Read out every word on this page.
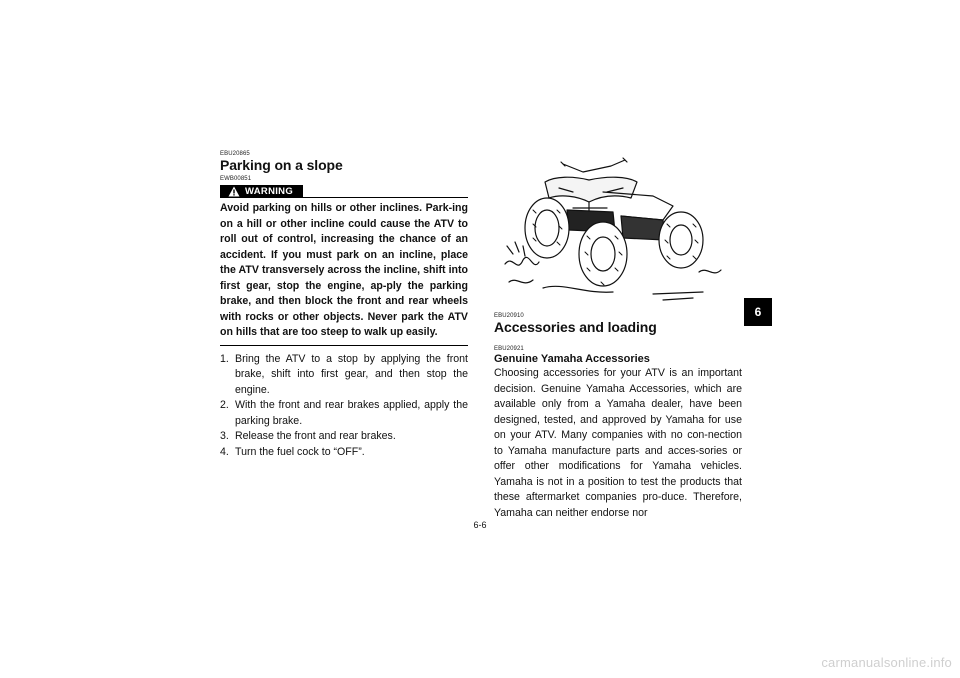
EBU20865
Parking on a slope
EWB00851
WARNING

Avoid parking on hills or other inclines. Park-ing on a hill or other incline could cause the ATV to roll out of control, increasing the chance of an accident. If you must park on an incline, place the ATV transversely across the incline, shift into first gear, stop the engine, ap-ply the parking brake, and then block the front and rear wheels with rocks or other objects. Never park the ATV on hills that are too steep to walk up easily.

1. Bring the ATV to a stop by applying the front brake, shift into first gear, and then stop the engine.
2. With the front and rear brakes applied, apply the parking brake.
3. Release the front and rear brakes.
4. Turn the fuel cock to “OFF”.
EBU20910
Accessories and loading
EBU20921
Genuine Yamaha Accessories

Choosing accessories for your ATV is an important decision. Genuine Yamaha Accessories, which are available only from a Yamaha dealer, have been designed, tested, and approved by Yamaha for use on your ATV. Many companies with no con-nection to Yamaha manufacture parts and acces-sories or offer other modifications for Yamaha vehicles. Yamaha is not in a position to test the products that these aftermarket companies pro-duce. Therefore, Yamaha can neither endorse nor

6
6-6
carmanualsonline.info
